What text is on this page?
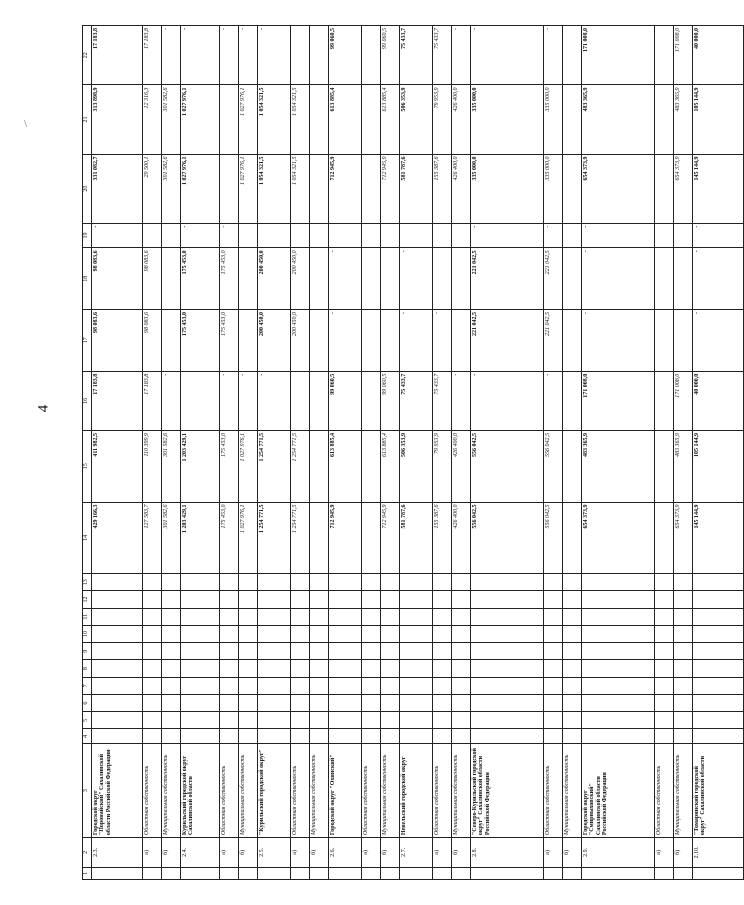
4
\
1	2	3	4	5	6	7	8	9	10	11	12	13	14	15	16	17	18	19	20	21	22
	2.3.	Городской округ "Поронайский" Сахалинской области Российской Федерации											429 166,3	411 982,5	17 183,8	98 083,6	98 083,6	-	331 082,7	313 898,9	17 183,8
	а)	Областная собственность											127 583,7	110 399,9	17 183,8	98 083,6	98 083,6		29 500,1	12 316,3	17 183,8
	б)	Муниципальная собственность											301 582,6	301 582,6	-				301 582,6	301 582,6	-
	2.4.	Курильский городской округ Сахалинской области											1 203 429,1	1 203 429,1		175 453,0	175 453,0	-	1 027 976,1	1 027 976,1	-
	а)	Областная собственность											175 453,0	175 453,0	-	175 453,0	175 453,0	-			-
	б)	Муниципальная собственность											1 027 976,1	1 027 976,1	-				1 027 976,1	1 027 976,1	-
	2.5.	"Курильский городской округ"											1 254 771,5	1 254 771,5	-	200 450,0	200 450,0		1 054 321,5	1 054 321,5	-
	а)	Областная собственность											1 254 771,5	1 254 771,5		200 450,0	200 450,0		1 054 321,5	1 054 321,5	
	б)	Муниципальная собственность																			
	2.6.	Городской округ "Охинский"											712 945,9	613 885,4	99 060,5	-	-		712 945,9	613 885,4	99 060,5
	а)	Областная собственность																			
	б)	Муниципальная собственность											712 945,9	613 885,4	99 060,5				712 945,9	613 885,4	99 060,5
	2.7.	Невельский городской округ											581 787,6	506 353,9	75 433,7	-	-		581 787,6	506 353,9	75 433,7
	а)	Областная собственность											155 387,6	79 953,9	75 433,7	-			155 387,6	79 953,9	75 433,7
	б)	Муниципальная собственность											426 400,0	426 400,0	-				426 400,0	426 400,0	-
	2.8.	"Северо-Курильский городской округ" Сахалинской области Российской Федерации											556 042,5	556 042,5	-	221 042,5	221 042,5	-	335 000,0	335 000,0	-
	а)	Областная собственность											556 042,5	556 042,5	-	221 042,5	221 042,5	-	335 000,0	335 000,0	-
	б)	Муниципальная собственность																			
	2.9.	Городской округ "Смирныховский" Сахалинской области Российской Федерации											654 373,9	483 365,9	171 008,0	-	-	-	654 373,9	483 365,9	171 008,0
	а)	Областная собственность																			
	б)	Муниципальная собственность											654 373,9	483 365,9	171 008,0				654 373,9	483 365,9	171 008,0
	2.10.	"Томаринский городской округ" Сахалинской области											145 144,9	105 144,9	40 000,0	-	-	-	145 144,9	105 144,9	40 000,0
